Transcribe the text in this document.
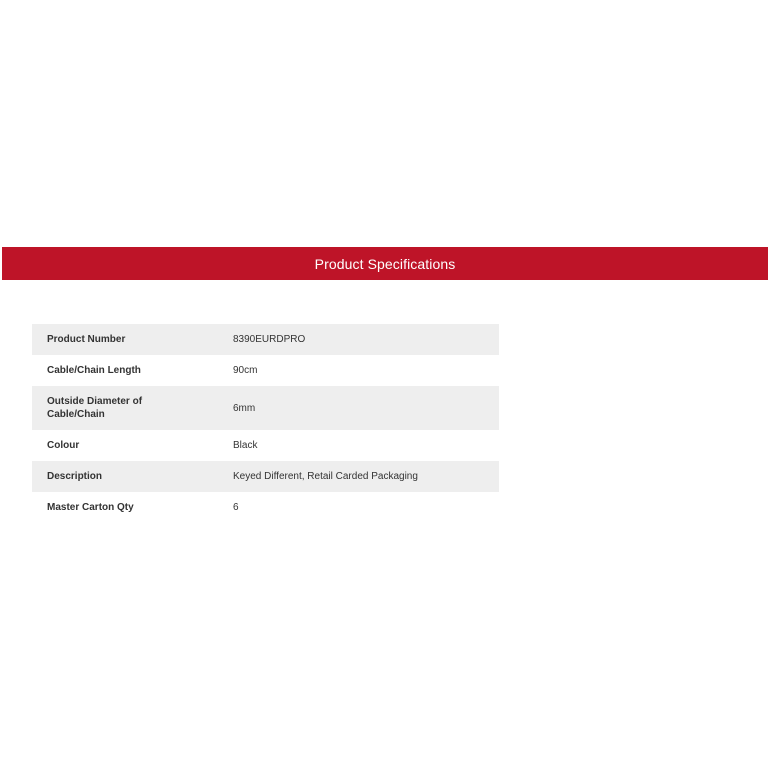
Product Specifications
Product Number	8390EURDPRO
Cable/Chain Length	90cm
Outside Diameter of
Cable/Chain	6mm
Colour	Black
Description	Keyed Different, Retail Carded Packaging
Master Carton Qty	6
